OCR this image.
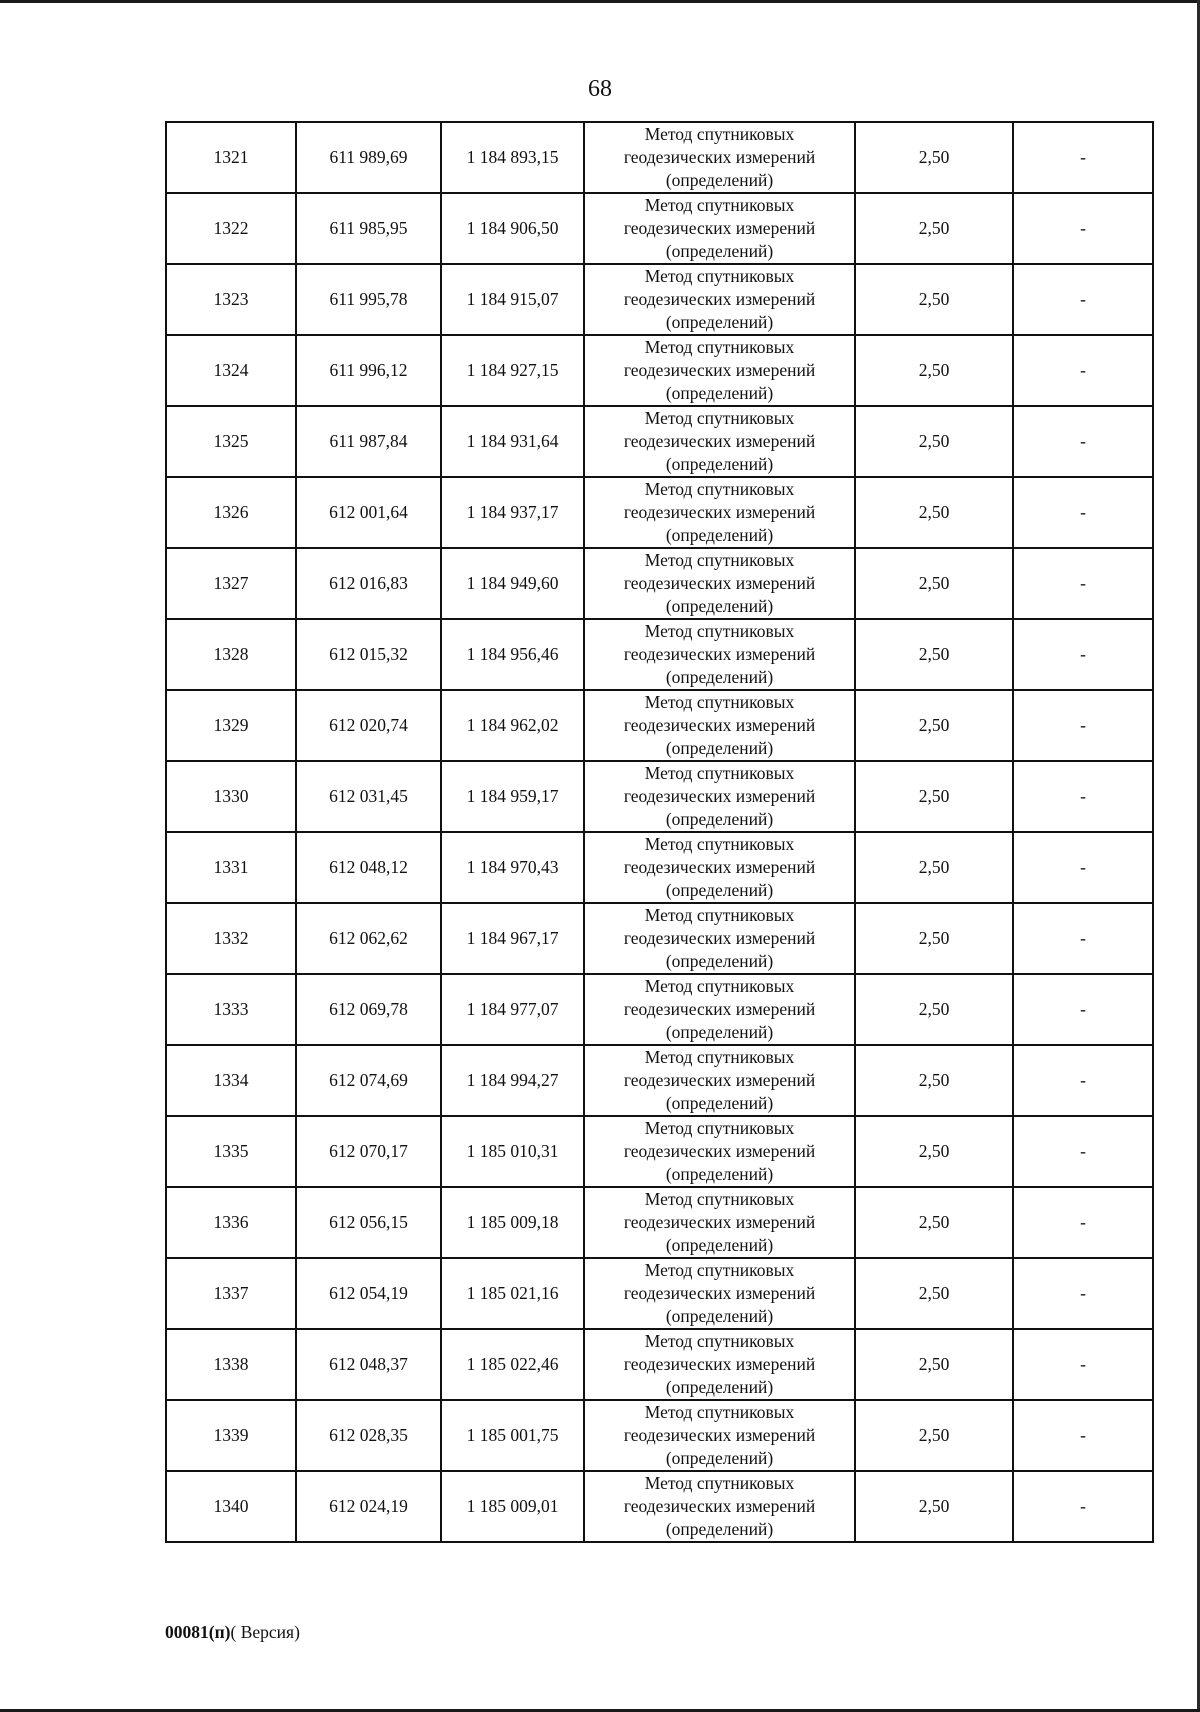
68
1321	611 989,69	1 184 893,15	Метод спутниковых
геодезических измерений
(определений)	2,50	-
1322	611 985,95	1 184 906,50	Метод спутниковых
геодезических измерений
(определений)	2,50	-
1323	611 995,78	1 184 915,07	Метод спутниковых
геодезических измерений
(определений)	2,50	-
1324	611 996,12	1 184 927,15	Метод спутниковых
геодезических измерений
(определений)	2,50	-
1325	611 987,84	1 184 931,64	Метод спутниковых
геодезических измерений
(определений)	2,50	-
1326	612 001,64	1 184 937,17	Метод спутниковых
геодезических измерений
(определений)	2,50	-
1327	612 016,83	1 184 949,60	Метод спутниковых
геодезических измерений
(определений)	2,50	-
1328	612 015,32	1 184 956,46	Метод спутниковых
геодезических измерений
(определений)	2,50	-
1329	612 020,74	1 184 962,02	Метод спутниковых
геодезических измерений
(определений)	2,50	-
1330	612 031,45	1 184 959,17	Метод спутниковых
геодезических измерений
(определений)	2,50	-
1331	612 048,12	1 184 970,43	Метод спутниковых
геодезических измерений
(определений)	2,50	-
1332	612 062,62	1 184 967,17	Метод спутниковых
геодезических измерений
(определений)	2,50	-
1333	612 069,78	1 184 977,07	Метод спутниковых
геодезических измерений
(определений)	2,50	-
1334	612 074,69	1 184 994,27	Метод спутниковых
геодезических измерений
(определений)	2,50	-
1335	612 070,17	1 185 010,31	Метод спутниковых
геодезических измерений
(определений)	2,50	-
1336	612 056,15	1 185 009,18	Метод спутниковых
геодезических измерений
(определений)	2,50	-
1337	612 054,19	1 185 021,16	Метод спутниковых
геодезических измерений
(определений)	2,50	-
1338	612 048,37	1 185 022,46	Метод спутниковых
геодезических измерений
(определений)	2,50	-
1339	612 028,35	1 185 001,75	Метод спутниковых
геодезических измерений
(определений)	2,50	-
1340	612 024,19	1 185 009,01	Метод спутниковых
геодезических измерений
(определений)	2,50	-
00081(п)( Версия)
